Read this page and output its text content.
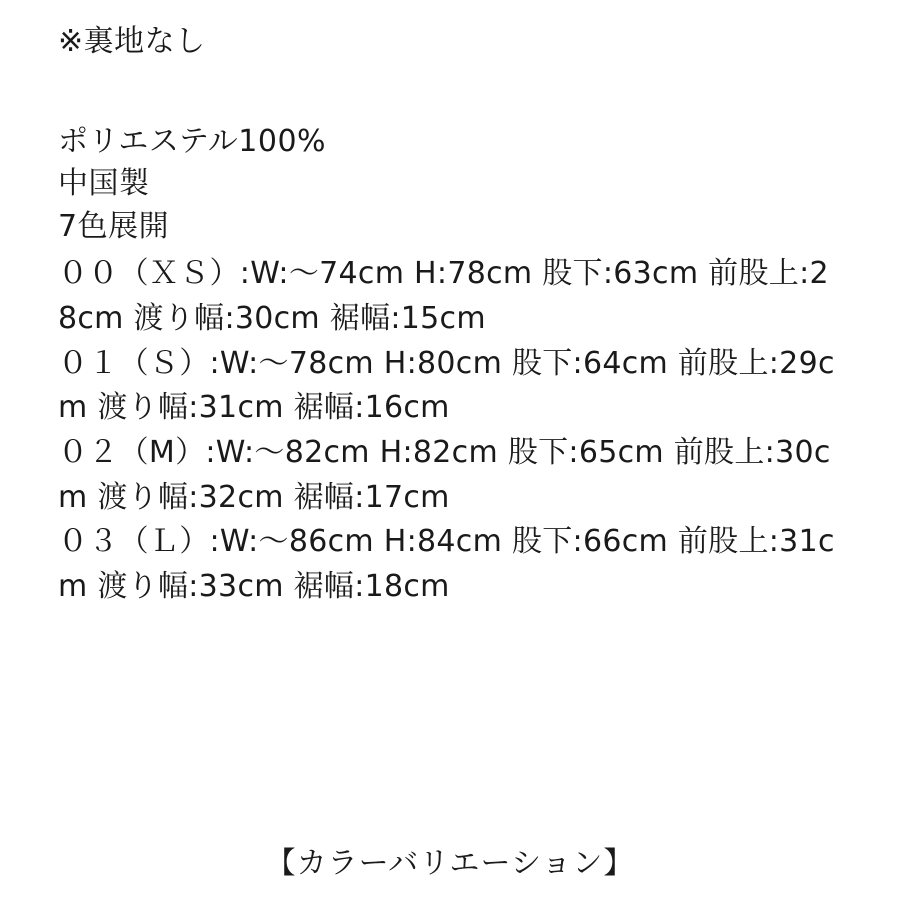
※裏地なし

ポリエステル100%

中国製

7色展開

００（ＸＳ）:W:〜74cm H:78cm 股下:63cm 前股上:28cm 渡り幅:30cm 裾幅:15cm

０１（Ｓ）:W:〜78cm H:80cm 股下:64cm 前股上:29cm 渡り幅:31cm 裾幅:16cm

０２（M）:W:〜82cm H:82cm 股下:65cm 前股上:30cm 渡り幅:32cm 裾幅:17cm

０３（Ｌ）:W:〜86cm H:84cm 股下:66cm 前股上:31cm 渡り幅:33cm 裾幅:18cm

【カラーバリエーション】
